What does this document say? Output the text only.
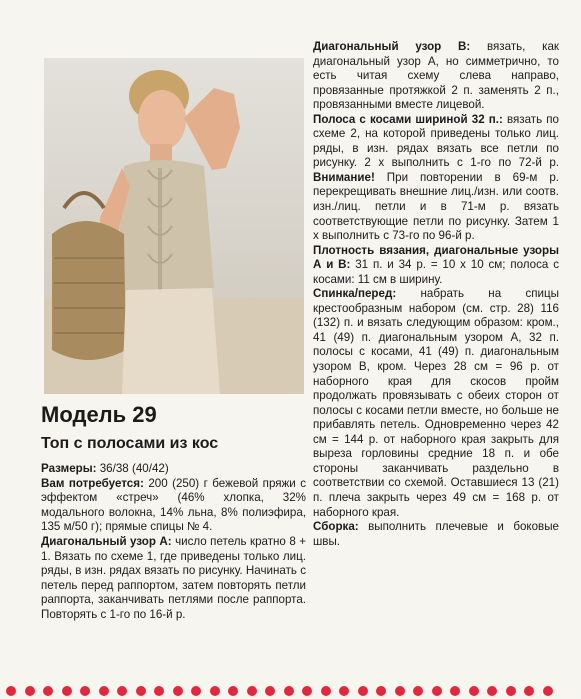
Модель 29
Топ с полосами из кос

Размеры: 36/38 (40/42)

Вам потребуется: 200 (250) г бежевой пряжи с эффектом «стреч» (46% хлопка, 32% модального волокна, 14% льна, 8% полиэфира, 135 м/50 г); прямые спицы № 4.

Диагональный узор А: число петель кратно 8 + 1. Вязать по схеме 1, где приведены только лиц. ряды, в изн. рядах вязать по рисунку. Начинать с петель перед раппортом, затем повторять петли раппорта, заканчивать петлями после раппорта. Повторять с 1-го по 16-й р.

Диагональный узор В: вязать, как диагональный узор А, но симметрично, то есть читая схему слева направо, провязанные протяжкой 2 п. заменять 2 п., провязанными вместе лицевой.

Полоса с косами шириной 32 п.: вязать по схеме 2, на которой приведены только лиц. ряды, в изн. рядах вязать все петли по рисунку. 2 х выполнить с 1-го по 72-й р. Внимание! При повторении в 69-м р. перекрещивать внешние лиц./изн. или соотв. изн./лиц. петли и в 71-м р. вязать соответствующие петли по рисунку. Затем 1 х выполнить с 73-го по 96-й р.

Плотность вязания, диагональные узоры А и В: 31 п. и 34 р. = 10 х 10 см; полоса с косами: 11 см в ширину.

Спинка/перед: набрать на спицы крестообразным набором (см. стр. 28) 116 (132) п. и вязать следующим образом: кром., 41 (49) п. диагональным узором А, 32 п. полосы с косами, 41 (49) п. диагональным узором В, кром. Через 28 см = 96 р. от наборного края для скосов пройм продолжать провязывать с обеих сторон от полосы с косами петли вместе, но больше не прибавлять петель. Одновременно через 42 см = 144 р. от наборного края закрыть для выреза горловины средние 18 п. и обе стороны заканчивать раздельно в соответствии со схемой. Оставшиеся 13 (21) п. плеча закрыть через 49 см = 168 р. от наборного края.

Сборка: выполнить плечевые и боковые швы.
